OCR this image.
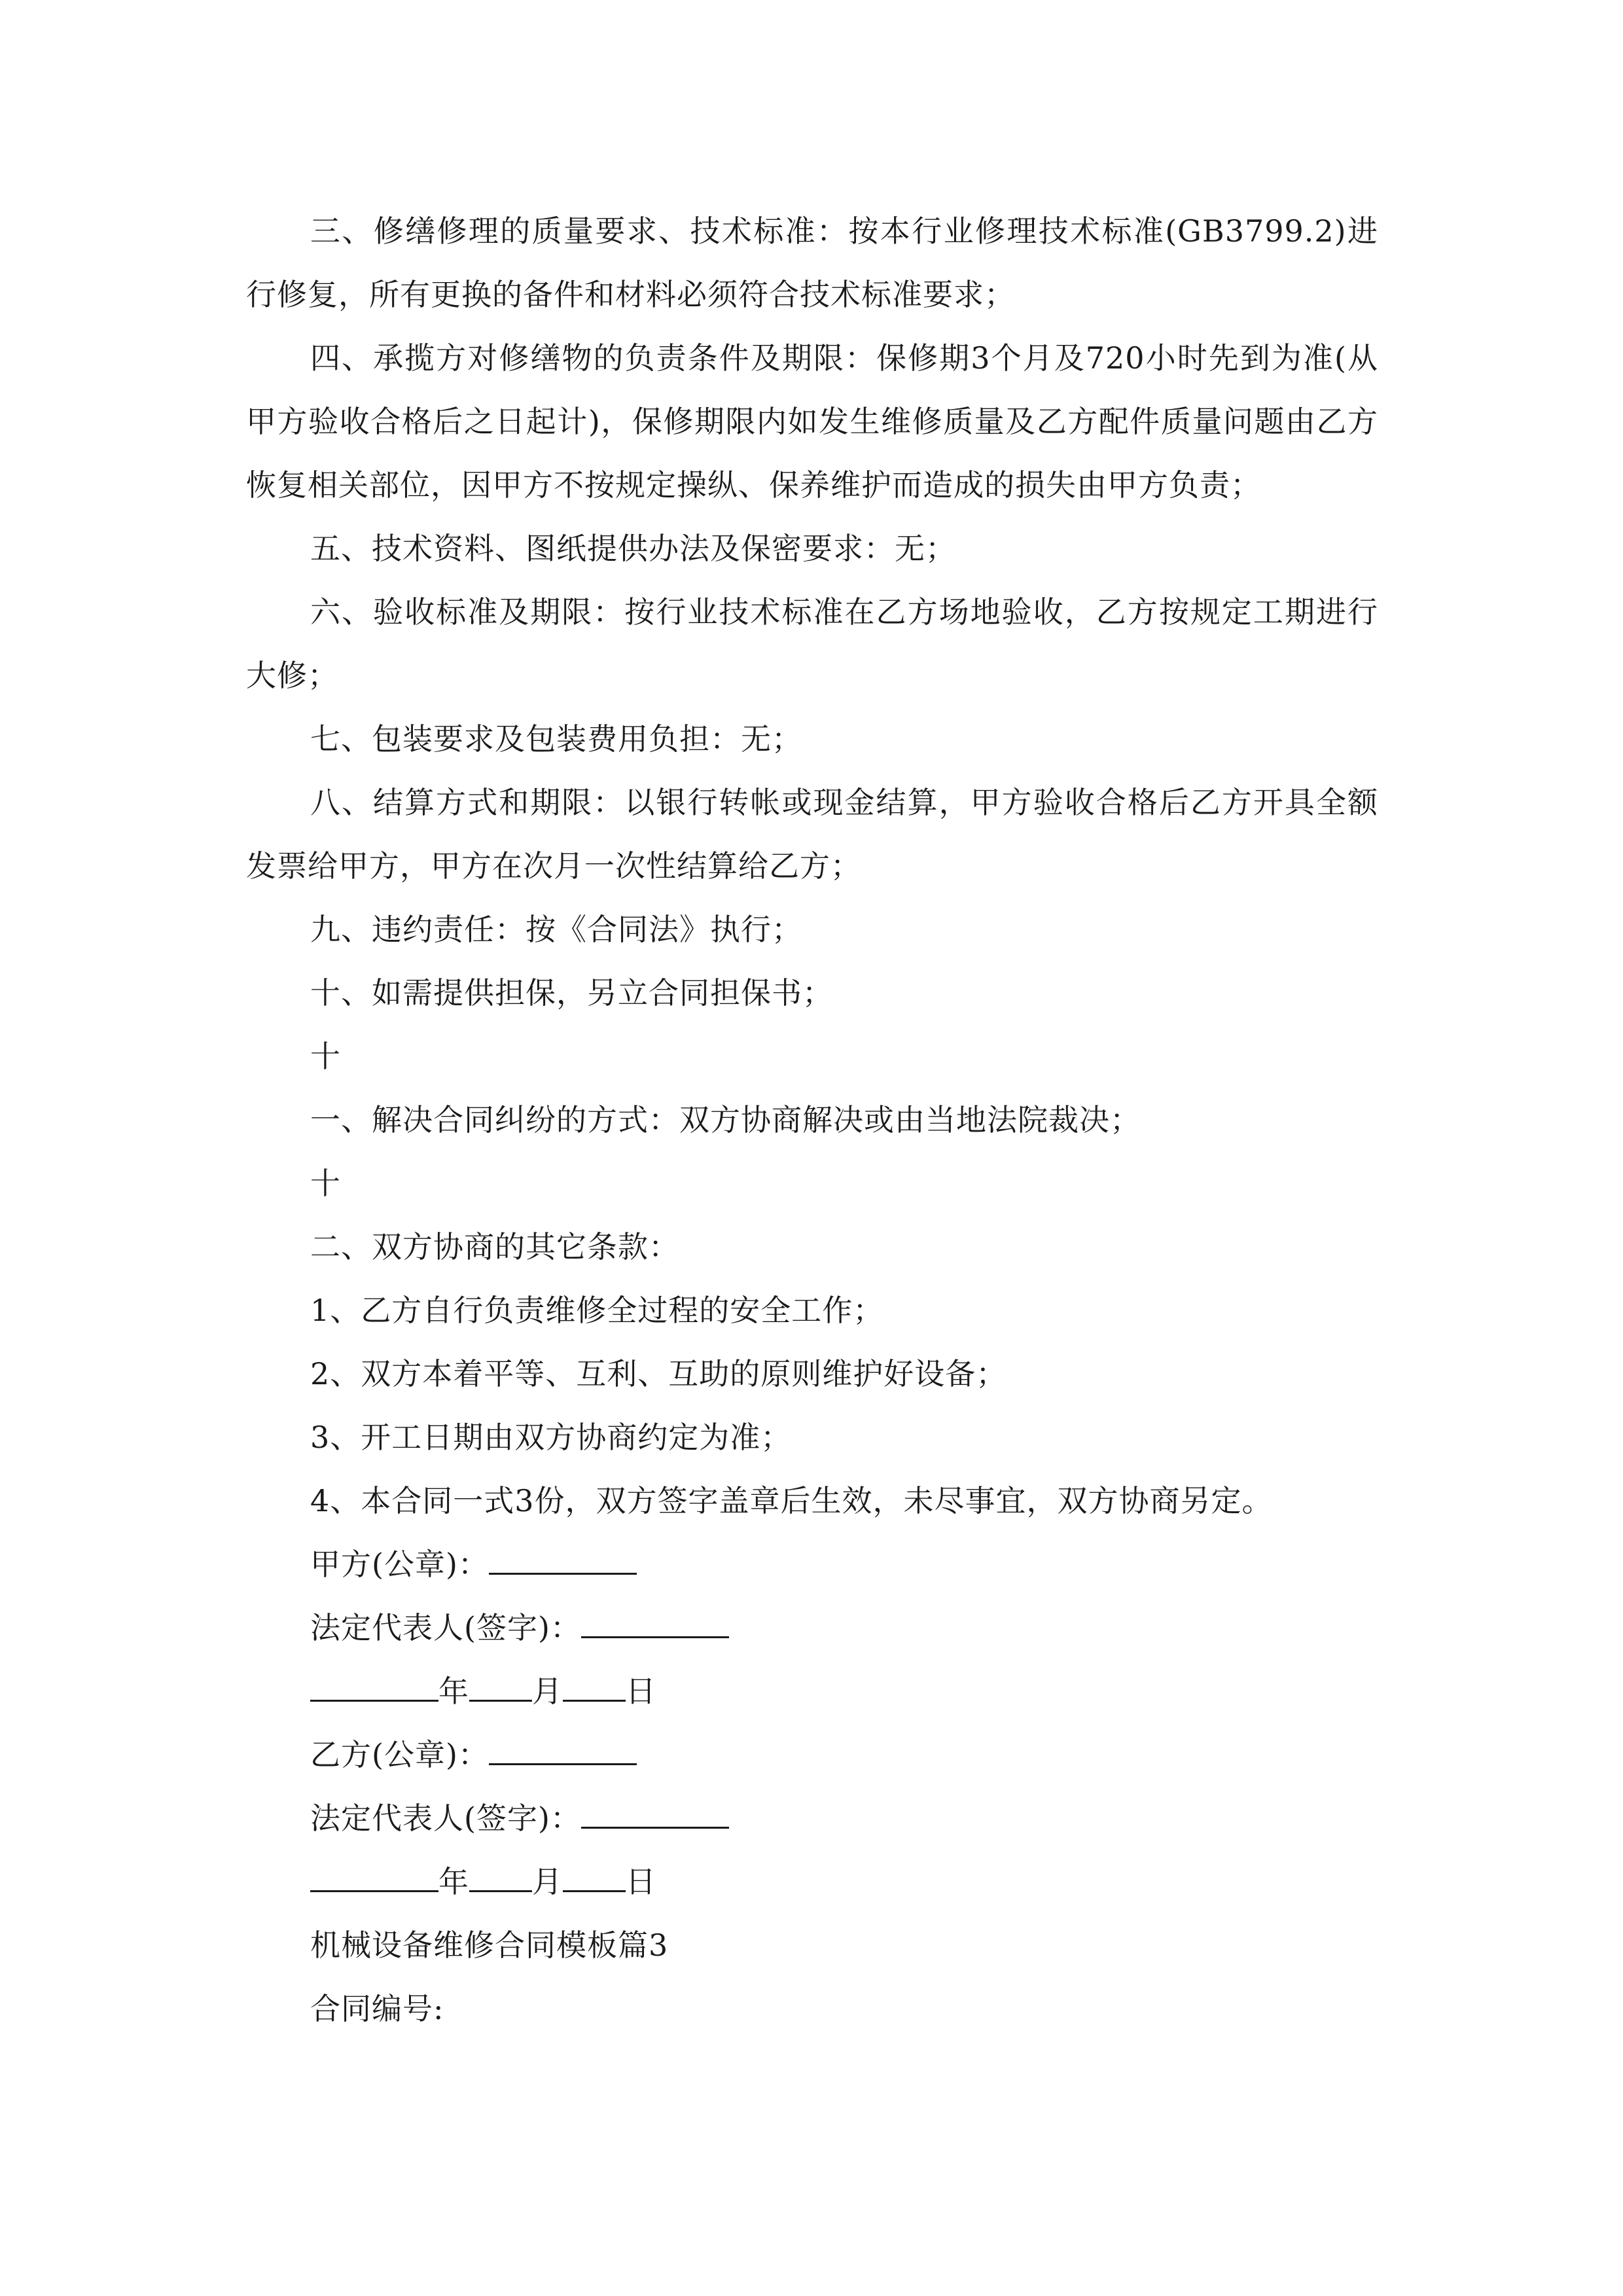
三、修缮修理的质量要求、技术标准：按本行业修理技术标准(GB3799.2)进行修复，所有更换的备件和材料必须符合技术标准要求；

四、承揽方对修缮物的负责条件及期限：保修期3个月及720小时先到为准(从甲方验收合格后之日起计)，保修期限内如发生维修质量及乙方配件质量问题由乙方恢复相关部位，因甲方不按规定操纵、保养维护而造成的损失由甲方负责；

五、技术资料、图纸提供办法及保密要求：无；

六、验收标准及期限：按行业技术标准在乙方场地验收，乙方按规定工期进行大修；

七、包装要求及包装费用负担：无；

八、结算方式和期限：以银行转帐或现金结算，甲方验收合格后乙方开具全额发票给甲方，甲方在次月一次性结算给乙方；

九、违约责任：按《合同法》执行；

十、如需提供担保，另立合同担保书；

十

一、解决合同纠纷的方式：双方协商解决或由当地法院裁决；

十

二、双方协商的其它条款：

1、乙方自行负责维修全过程的安全工作；

2、双方本着平等、互利、互助的原则维护好设备；

3、开工日期由双方协商约定为准；

4、本合同一式3份，双方签字盖章后生效，未尽事宜，双方协商另定。

甲方(公章)：

法定代表人(签字)：

年 月 日

乙方(公章)：

法定代表人(签字)：

年 月 日

机械设备维修合同模板篇3

合同编号:
